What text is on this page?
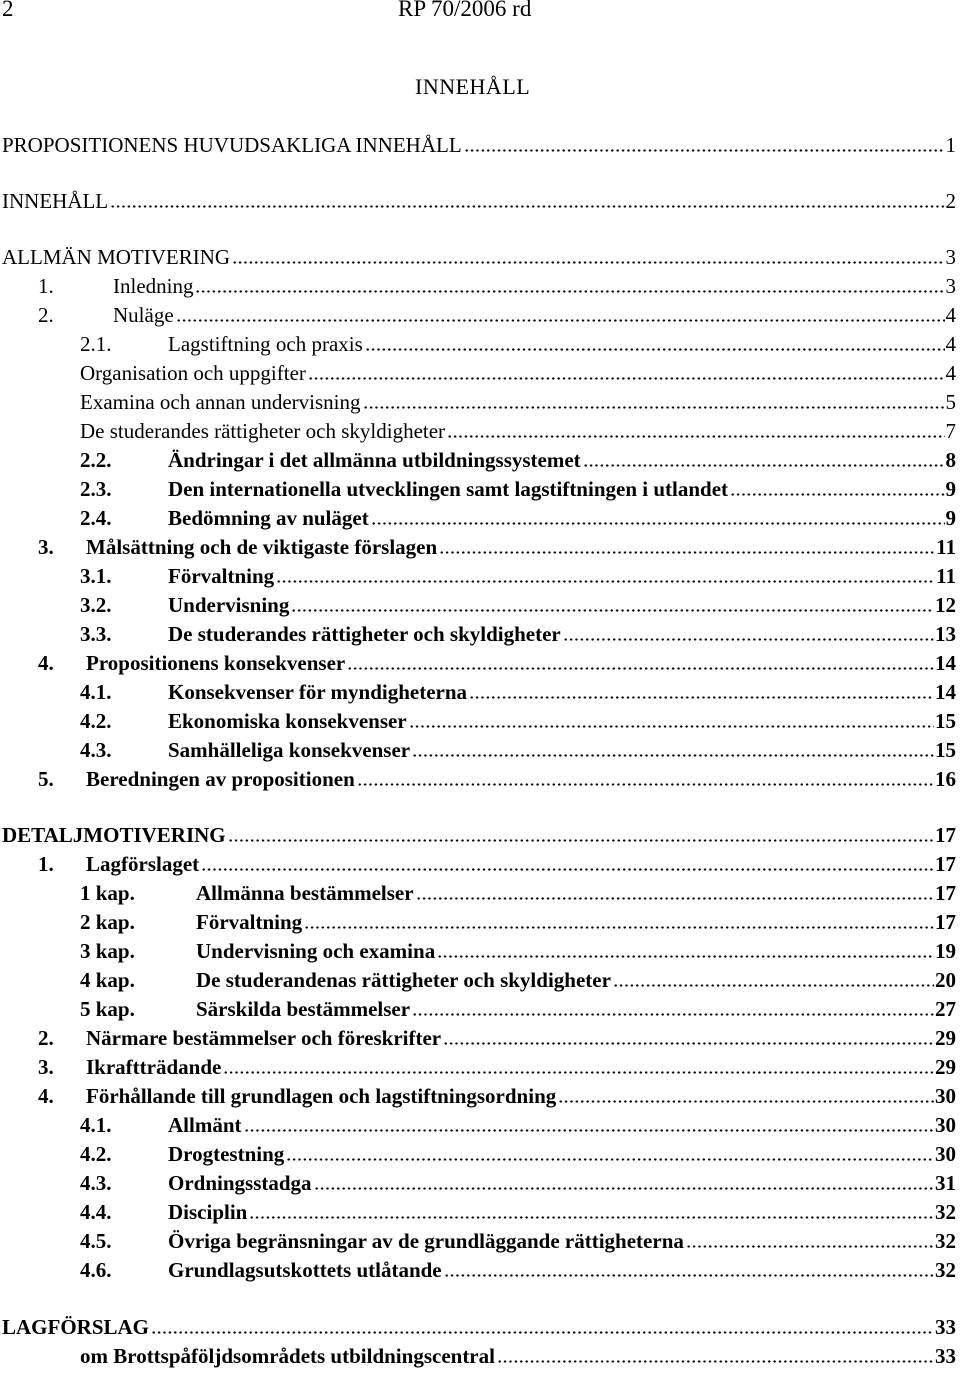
2	RP 70/2006 rd
INNEHÅLL
PROPOSITIONENS HUVUDSAKLIGA INNEHÅLL	1
INNEHÅLL	2
ALLMÄN MOTIVERING	3
1.	Inledning	3
2.	Nuläge	4
2.1.	Lagstiftning och praxis	4
Organisation och uppgifter	4
Examina och annan undervisning	5
De studerandes rättigheter och skyldigheter	7
2.2.	Ändringar i det allmänna utbildningssystemet	8
2.3.	Den internationella utvecklingen samt lagstiftningen i utlandet	9
2.4.	Bedömning av nuläget	9
3.	Målsättning och de viktigaste förslagen	11
3.1.	Förvaltning	11
3.2.	Undervisning	12
3.3.	De studerandes rättigheter och skyldigheter	13
4.	Propositionens konsekvenser	14
4.1.	Konsekvenser för myndigheterna	14
4.2.	Ekonomiska konsekvenser	15
4.3.	Samhälleliga konsekvenser	15
5.	Beredningen av propositionen	16
DETALJMOTIVERING	17
1.	Lagförslaget	17
1 kap.	Allmänna bestämmelser	17
2 kap.	Förvaltning	17
3 kap.	Undervisning och examina	19
4 kap.	De studerandenas rättigheter och skyldigheter	20
5 kap.	Särskilda bestämmelser	27
2.	Närmare bestämmelser och föreskrifter	29
3.	Ikraftträdande	29
4.	Förhållande till grundlagen och lagstiftningsordning	30
4.1.	Allmänt	30
4.2.	Drogtestning	30
4.3.	Ordningsstadga	31
4.4.	Disciplin	32
4.5.	Övriga begränsningar av de grundläggande rättigheterna	32
4.6.	Grundlagsutskottets utlåtande	32
LAGFÖRSLAG	33
om Brottspåföljdsområdets utbildningscentral	33
